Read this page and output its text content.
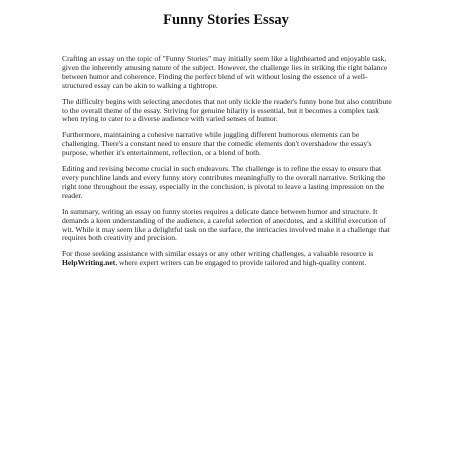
Funny Stories Essay

Crafting an essay on the topic of "Funny Stories" may initially seem like a lighthearted and enjoyable task, given the inherently amusing nature of the subject. However, the challenge lies in striking the right balance between humor and coherence. Finding the perfect blend of wit without losing the essence of a well-structured essay can be akin to walking a tightrope.

The difficulty begins with selecting anecdotes that not only tickle the reader's funny bone but also contribute to the overall theme of the essay. Striving for genuine hilarity is essential, but it becomes a complex task when trying to cater to a diverse audience with varied senses of humor.

Furthermore, maintaining a cohesive narrative while juggling different humorous elements can be challenging. There's a constant need to ensure that the comedic elements don't overshadow the essay's purpose, whether it's entertainment, reflection, or a blend of both.

Editing and revising become crucial in such endeavors. The challenge is to refine the essay to ensure that every punchline lands and every funny story contributes meaningfully to the overall narrative. Striking the right tone throughout the essay, especially in the conclusion, is pivotal to leave a lasting impression on the reader.

In summary, writing an essay on funny stories requires a delicate dance between humor and structure. It demands a keen understanding of the audience, a careful selection of anecdotes, and a skillful execution of wit. While it may seem like a delightful task on the surface, the intricacies involved make it a challenge that requires both creativity and precision.

For those seeking assistance with similar essays or any other writing challenges, a valuable resource is HelpWriting.net, where expert writers can be engaged to provide tailored and high-quality content.
